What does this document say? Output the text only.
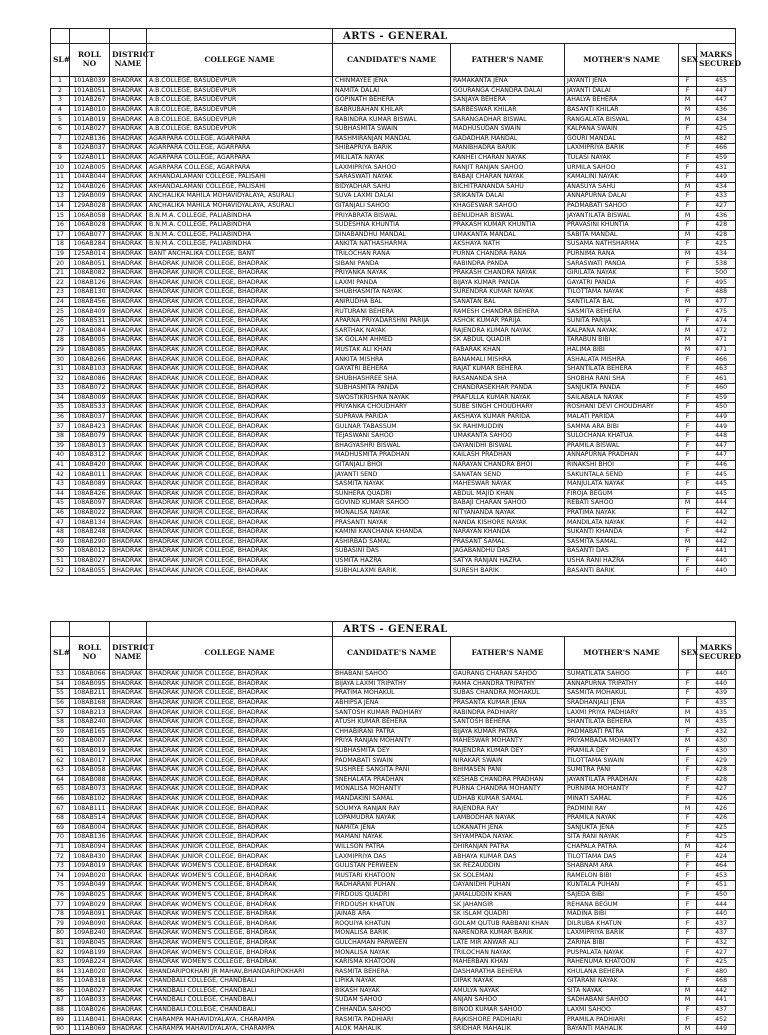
				ARTS - GENERAL				
SL#	ROLL NO	DISTRICT NAME	COLLEGE NAME	CANDIDATE'S NAME	FATHER'S NAME	MOTHER'S NAME	SEX	MARKS SECURED
1	101AB039	BHADRAK	A.B.COLLEGE, BASUDEVPUR	CHINMAYEE JENA	RAMAKANTA JENA	JAYANTI JENA	F	455
2	101AB051	BHADRAK	A.B.COLLEGE, BASUDEVPUR	NAMITA DALAI	GOURANGA CHANDRA DALAI	JAYANTI DALAI	F	447
3	101AB267	BHADRAK	A.B.COLLEGE, BASUDEVPUR	GOPINATH BEHERA	SANJAYA BEHERA	AHALYA BEHERA	M	447
4	101AB010	BHADRAK	A.B.COLLEGE, BASUDEVPUR	BABRUBAHAN KHILAR	SARBESWAR KHILAR	BASANTI KHILAR	M	436
5	101AB019	BHADRAK	A.B.COLLEGE, BASUDEVPUR	RABINDRA KUMAR BISWAL	SARANGADHAR BISWAL	RANGALATA BISWAL	M	434
6	101AB027	BHADRAK	A.B.COLLEGE, BASUDEVPUR	SUBHASMITA SWAIN	MADHUSUDAN SWAIN	KALPANA SWAIN	F	425
7	102AB136	BHADRAK	AGARPARA COLLEGE, AGARPARA	RASHMIRANJAN MANDAL	GADADHAR MANDAL	GOURI MANDAL	M	482
8	102AB037	BHADRAK	AGARPARA COLLEGE, AGARPARA	SHIBAPRIYA BARIK	MANIBHADRA BARIK	LAXMIPRIYA BARIK	F	466
9	102AB011	BHADRAK	AGARPARA COLLEGE, AGARPARA	MILILATA NAYAK	KANHEI CHARAN NAYAK	TULASI NAYAK	F	459
10	102AB005	BHADRAK	AGARPARA COLLEGE, AGARPARA	LAXMIPRIYA SAHOO	RANJIT RANJAN SAHOO	URMILA SAHOO	F	431
11	104AB044	BHADRAK	AKHANDALAMANI COLLEGE, PALISAHI	SARASWATI NAYAK	BABAJI CHARAN NAYAK	KAMALINI NAYAK	F	449
12	104AB026	BHADRAK	AKHANDALAMANI COLLEGE, PALISAHI	BIDYADHAR SAHU	BICHITRANANDA SAHU	ANASUYA SAHU	M	434
13	129AB009	BHADRAK	ANCHALIKA MAHILA MOHAVIDYALAYA, ASURALI	SUVA LAXMI DALAI	SRIKANTA DALAI	ANNAPURNA DALAI	F	433
14	129AB028	BHADRAK	ANCHALIKA MAHILA MOHAVIDYALAYA, ASURALI	GITANJALI SAHOO	KHAGESWAR SAHOO	PADMABATI SAHOO	F	427
15	106AB058	BHADRAK	B.N.M.A. COLLEGE, PALIABINDHA	PRIYABRATA BISWAL	BENUDHAR BISWAL	JAYANTILATA BISWAL	M	436
16	106AB028	BHADRAK	B.N.M.A. COLLEGE, PALIABINDHA	SUDESHNA KHUNTIA	PRAKASH KUMAR KHUNTIA	PRAVASINI KHUNTIA	F	428
17	106AB077	BHADRAK	B.N.M.A. COLLEGE, PALIABINDHA	DINABANDHU MANDAL	UMAKANTA MANDAL	SABITA MANDAL	M	428
18	106AB284	BHADRAK	B.N.M.A. COLLEGE, PALIABINDHA	ANKITA NATHASHARMA	AKSHAYA NATH	SUSAMA NATHSHARMA	F	425
19	125AB014	BHADRAK	BANT ANCHALIKA COLLEGE, BANT	TRILOCHAN RANA	PURNA CHANDRA RANA	PURNIMA RANA	M	434
20	108AB051	BHADRAK	BHADRAK JUNIOR COLLEGE, BHADRAK	SIBANI PANDA	RABINDRA PANDA	SARASWATI PANDA	F	538
21	108AB082	BHADRAK	BHADRAK JUNIOR COLLEGE, BHADRAK	PRIYANKA NAYAK	PRAKASH CHANDRA NAYAK	GIRILATA NAYAK	F	500
22	108AB126	BHADRAK	BHADRAK JUNIOR COLLEGE, BHADRAK	LAXMI PANDA	BIJAYA KUMAR PANDA	GAYATRI PANDA	F	495
23	108AB130	BHADRAK	BHADRAK JUNIOR COLLEGE, BHADRAK	SHUBHASMITA NAYAK	SURENDRA KUMAR NAYAK	TILOTTAMA NAYAK	F	488
24	108AB456	BHADRAK	BHADRAK JUNIOR COLLEGE, BHADRAK	ANIRUDHA BAL	SANATAN BAL	SANTILATA BAL	M	477
25	108AB409	BHADRAK	BHADRAK JUNIOR COLLEGE, BHADRAK	RUTURANI BEHERA	RAMESH CHANDRA BEHERA	SASMITA BEHERA	F	475
26	108AB531	BHADRAK	BHADRAK JUNIOR COLLEGE, BHADRAK	APARNA PRIYADARSHNI PARIJA	ASHOK KUMAR PARIJA	SUNITA PARIJA	F	474
27	108AB084	BHADRAK	BHADRAK JUNIOR COLLEGE, BHADRAK	SARTHAK NAYAK	RAJENDRA KUMAR NAYAK	KALPANA NAYAK	M	472
28	108AB005	BHADRAK	BHADRAK JUNIOR COLLEGE, BHADRAK	SK GOLAM AHMED	SK ABDUL QUADIR	TARABUN BIBI	M	471
29	108AB085	BHADRAK	BHADRAK JUNIOR COLLEGE, BHADRAK	MUSTAK ALI KHAN	FABARAK KHAN	HALIMA BIBI	M	471
30	108AB266	BHADRAK	BHADRAK JUNIOR COLLEGE, BHADRAK	ANKITA MISHRA	BANAMALI MISHRA	ASHALATA MISHRA	F	466
31	108AB103	BHADRAK	BHADRAK JUNIOR COLLEGE, BHADRAK	GAYATRI BEHERA	RAJAT KUMAR BEHERA	SHANTILATA BEHERA	F	463
32	108AB086	BHADRAK	BHADRAK JUNIOR COLLEGE, BHADRAK	SHUBHASHREE SHA	RASANANDA SHA	SHOBHA RANI SHA	F	461
33	108AB072	BHADRAK	BHADRAK JUNIOR COLLEGE, BHADRAK	SUBHASMITA PANDA	CHANDRASEKHAR PANDA	SANJUKTA PANDA	F	460
34	108AB009	BHADRAK	BHADRAK JUNIOR COLLEGE, BHADRAK	SWOSTIKRISHNA NAYAK	PRAFULLA KUMAR NAYAK	SAILABALA NAYAK	F	459
35	108AB533	BHADRAK	BHADRAK JUNIOR COLLEGE, BHADRAK	PRIYANKA CHOUDHARY	SUBE SINGH CHOUDHARY	ROSHANI DEVI CHOUDHARY	F	450
36	108AB037	BHADRAK	BHADRAK JUNIOR COLLEGE, BHADRAK	SUPRAVA PARIDA	AKSHAYA KUMAR PARIDA	MALATI PARIDA	F	449
37	108AB423	BHADRAK	BHADRAK JUNIOR COLLEGE, BHADRAK	GULNAR TABASSUM	SK RAHIMUDDIN	SAMMA ARA BIBI	F	449
38	108AB079	BHADRAK	BHADRAK JUNIOR COLLEGE, BHADRAK	TEJASWANI SAHOO	UMAKANTA SAHOO	SULOCHANA KHATUA	F	448
39	108AB013	BHADRAK	BHADRAK JUNIOR COLLEGE, BHADRAK	BHAGYASHRI BISWAL	DAYANIDHI BISWAL	PRAMILA BISWAL	F	447
40	108AB312	BHADRAK	BHADRAK JUNIOR COLLEGE, BHADRAK	MADHUSMITA PRADHAN	KAILASH PRADHAN	ANNAPURNA PRADHAN	F	447
41	108AB420	BHADRAK	BHADRAK JUNIOR COLLEGE, BHADRAK	GITANJALI BHOI	NARAYAN CHANDRA BHOI	RINAKSHI BHOI	F	446
42	108AB011	BHADRAK	BHADRAK JUNIOR COLLEGE, BHADRAK	JAYANTI SEND	SANATAN SEND	SAKUNTALA SEND	F	445
43	108AB089	BHADRAK	BHADRAK JUNIOR COLLEGE, BHADRAK	SASMITA NAYAK	MAHESWAR NAYAK	MANJULATA NAYAK	F	445
44	108AB426	BHADRAK	BHADRAK JUNIOR COLLEGE, BHADRAK	SUNHERA QUADRI	ABDUL MAJID KHAN	FIROJA BEGUM	F	445
45	108AB097	BHADRAK	BHADRAK JUNIOR COLLEGE, BHADRAK	GOVIND KUMAR SAHOO	BABAJI CHARAN SAHOO	REBATI SAHOO	M	444
46	108AB022	BHADRAK	BHADRAK JUNIOR COLLEGE, BHADRAK	MONALISA NAYAK	NITYANANDA NAYAK	PRATIMA NAYAK	F	442
47	108AB134	BHADRAK	BHADRAK JUNIOR COLLEGE, BHADRAK	PRASANTI NAYAK	NANDA KISHORE NAYAK	MANDILATA NAYAK	F	442
48	108AB248	BHADRAK	BHADRAK JUNIOR COLLEGE, BHADRAK	KAMINI KANCHANA KHANDA	NARAYAN KHANDA	SUKANTI KHANDA	F	442
49	108AB290	BHADRAK	BHADRAK JUNIOR COLLEGE, BHADRAK	ASHIRBAD SAMAL	PRASANT SAMAL	SASMITA SAMAL	M	442
50	108AB012	BHADRAK	BHADRAK JUNIOR COLLEGE, BHADRAK	SUBASINI DAS	JAGABANDHU DAS	BASANTI DAS	F	441
51	108AB027	BHADRAK	BHADRAK JUNIOR COLLEGE, BHADRAK	USMITA HAZRA	SATYA RANJAN HAZRA	USHA RANI HAZRA	F	440
52	108AB055	BHADRAK	BHADRAK JUNIOR COLLEGE, BHADRAK	SUBHALAXMI BARIK	SURESH BARIK	BASANTI BARIK	F	440
				ARTS - GENERAL				
SL#	ROLL NO	DISTRICT NAME	COLLEGE NAME	CANDIDATE'S NAME	FATHER'S NAME	MOTHER'S NAME	SEX	MARKS SECURED
53	108AB066	BHADRAK	BHADRAK JUNIOR COLLEGE, BHADRAK	BHABANI SAHOO	GAURANG CHARAN SAHOO	SUMATILATA SAHOO	F	440
54	108AB095	BHADRAK	BHADRAK JUNIOR COLLEGE, BHADRAK	BIJAYA LAXMI TRIPATHY	RAMA CHANDRA TRIPATHY	ANNAPURNA TRIPATHY	F	440
55	108AB211	BHADRAK	BHADRAK JUNIOR COLLEGE, BHADRAK	PRATIMA MOHAKUL	SUBAS CHANDRA MOHAKUL	SASMITA MOHAKUL	F	439
56	108AB168	BHADRAK	BHADRAK JUNIOR COLLEGE, BHADRAK	ABHIPSA JENA	PRASANTA KUMAR JENA	SRADHANJALI JENA	F	435
57	108AB213	BHADRAK	BHADRAK JUNIOR COLLEGE, BHADRAK	SANTOSH KUMAR PADHIARY	RABINDRA PADHIARY	LAXMI PRIYA PADHIARY	M	435
58	108AB240	BHADRAK	BHADRAK JUNIOR COLLEGE, BHADRAK	ATUSH KUMAR BEHERA	SANTOSH BEHERA	SHANTILATA BEHERA	M	435
59	108AB165	BHADRAK	BHADRAK JUNIOR COLLEGE, BHADRAK	CHHABIRANI PATRA	BIJAYA KUMAR PATRA	PADMABATI PATRA	F	432
60	108AB007	BHADRAK	BHADRAK JUNIOR COLLEGE, BHADRAK	PRIYA RANJAN MOHANTY	MAHESWAR MOHANTY	PRIYAMBADA MOHANTY	M	430
61	108AB019	BHADRAK	BHADRAK JUNIOR COLLEGE, BHADRAK	SUBHASMITA DEY	RAJENDRA KUMAR DEY	PRAMILA DEY	F	430
62	108AB017	BHADRAK	BHADRAK JUNIOR COLLEGE, BHADRAK	PADMABATI SWAIN	NIRAKAR SWAIN	TILOTTAMA SWAIN	F	429
63	108AB058	BHADRAK	BHADRAK JUNIOR COLLEGE, BHADRAK	SUSHREE SANGITA PANI	BHIMASEN PANI	SUMITRA PANI	F	428
64	108AB088	BHADRAK	BHADRAK JUNIOR COLLEGE, BHADRAK	SNEHALATA PRADHAN	KESHAB CHANDRA PRADHAN	JAYANTILATA PRADHAN	F	428
65	108AB073	BHADRAK	BHADRAK JUNIOR COLLEGE, BHADRAK	MONALISA MOHANTY	PURNA CHANDRA MOHANTY	PURNIMA MOHANTY	F	427
66	108AB102	BHADRAK	BHADRAK JUNIOR COLLEGE, BHADRAK	MANDAKINI SAMAL	UDHAB KUMAR SAMAL	MINATI SAMAL	F	426
67	108AB111	BHADRAK	BHADRAK JUNIOR COLLEGE, BHADRAK	SOUMYA RANJAN RAY	RAJENDRA RAY	PADMINI RAY	M	426
68	108AB514	BHADRAK	BHADRAK JUNIOR COLLEGE, BHADRAK	LOPAMUDRA NAYAK	LAMBODHAR NAYAK	PRAMILA NAYAK	F	426
69	108AB004	BHADRAK	BHADRAK JUNIOR COLLEGE, BHADRAK	NAMITA JENA	LOKANATH JENA	SANJUKTA JENA	F	425
70	108AB136	BHADRAK	BHADRAK JUNIOR COLLEGE, BHADRAK	MAMANI NAYAK	SHYAMPADA NAYAK	SITA RANI NAYAK	F	425
71	108AB094	BHADRAK	BHADRAK JUNIOR COLLEGE, BHADRAK	WILLSON PATRA	DHIRANJAN PATRA	CHAPALA PATRA	M	424
72	108AB430	BHADRAK	BHADRAK JUNIOR COLLEGE, BHADRAK	LAXMIPRIYA DAS	ABHAYA KUMAR DAS	TILOTTAMA DAS	F	424
73	109AB019	BHADRAK	BHADRAK WOMEN'S COLLEGE, BHADRAK	GULISTAN PERWEEN	SK REZAUDDIN	SHABNAM ARA	F	464
74	109AB020	BHADRAK	BHADRAK WOMEN'S COLLEGE, BHADRAK	MUSTARI KHATOON	SK SOLEMAN	RAMELON BIBI	F	453
75	109AB049	BHADRAK	BHADRAK WOMEN'S COLLEGE, BHADRAK	RADHARANI PUHAN	DAYANIDHI PUHAN	KUNTALA PUHAN	F	451
76	109AB025	BHADRAK	BHADRAK WOMEN'S COLLEGE, BHADRAK	FIRDOUS QUADRI	JAMALUDDIN KHAN	SAJEDA BIBI	F	450
77	109AB029	BHADRAK	BHADRAK WOMEN'S COLLEGE, BHADRAK	FIRDOUSH KHATUN	SK JAHANGIR	REHANA BEGUM	F	444
78	109AB091	BHADRAK	BHADRAK WOMEN'S COLLEGE, BHADRAK	JAINAB ARA	SK ISLAM QUADRI	MADINA BIBI	F	440
79	109AB090	BHADRAK	BHADRAK WOMEN'S COLLEGE, BHADRAK	ROQUIYA KHATUN	GOLAM QUTUB RABBANI KHAN	DILRUBA KHATUN	F	437
80	109AB240	BHADRAK	BHADRAK WOMEN'S COLLEGE, BHADRAK	MONALISA BARIK	NARENDRA KUMAR BARIK	LAXMIPRIYA BARIK	F	437
81	109AB045	BHADRAK	BHADRAK WOMEN'S COLLEGE, BHADRAK	GULCHAMAN PARWEEN	LATE MIR ANWAR ALI	ZARINA BIBI	F	432
82	109AB199	BHADRAK	BHADRAK WOMEN'S COLLEGE, BHADRAK	MONALISA NAYAK	TRILOCHAN NAYAK	PUSPALATA NAYAK	F	427
83	109AB224	BHADRAK	BHADRAK WOMEN'S COLLEGE, BHADRAK	KARISMA KHATOON	MAHERBAN KHAN	RAHENUMA KHATOON	F	425
84	131AB020	BHADRAK	BHANDARIPOKHARI JR MAHAV,BHANDARIPOKHARI	RASMITA BEHERA	DASHARATHA BEHERA	KHULANA BEHERA	F	480
85	110AB318	BHADRAK	CHANDBALI COLLEGE, CHANDBALI	LIPIKA NAYAK	DIPAK NAYAK	GITARANI NAYAK	F	468
86	110AB027	BHADRAK	CHANDBALI COLLEGE, CHANDBALI	BIKASH NAYAK	AMULYA NAYAK	SITA NAYAK	M	442
87	110AB033	BHADRAK	CHANDBALI COLLEGE, CHANDBALI	SUDAM SAHOO	ANJAN SAHOO	SADHABANI SAHOO	M	441
88	110AB026	BHADRAK	CHANDBALI COLLEGE, CHANDBALI	CHHANDA SAHOO	BINOD KUMAR SAHOO	LAXMI SAHOO	F	437
89	111AB041	BHADRAK	CHARAMPA MAHAVIDYALAYA, CHARAMPA	RASMITA PADHIARI	RAJKISHORE PADHIARI	PRAMILA PADHIARI	F	452
90	111AB069	BHADRAK	CHARAMPA MAHAVIDYALAYA, CHARAMPA	ALOK MAHALIK	SRIDHAR MAHALIK	BAYANTI MAHALIK	M	449
